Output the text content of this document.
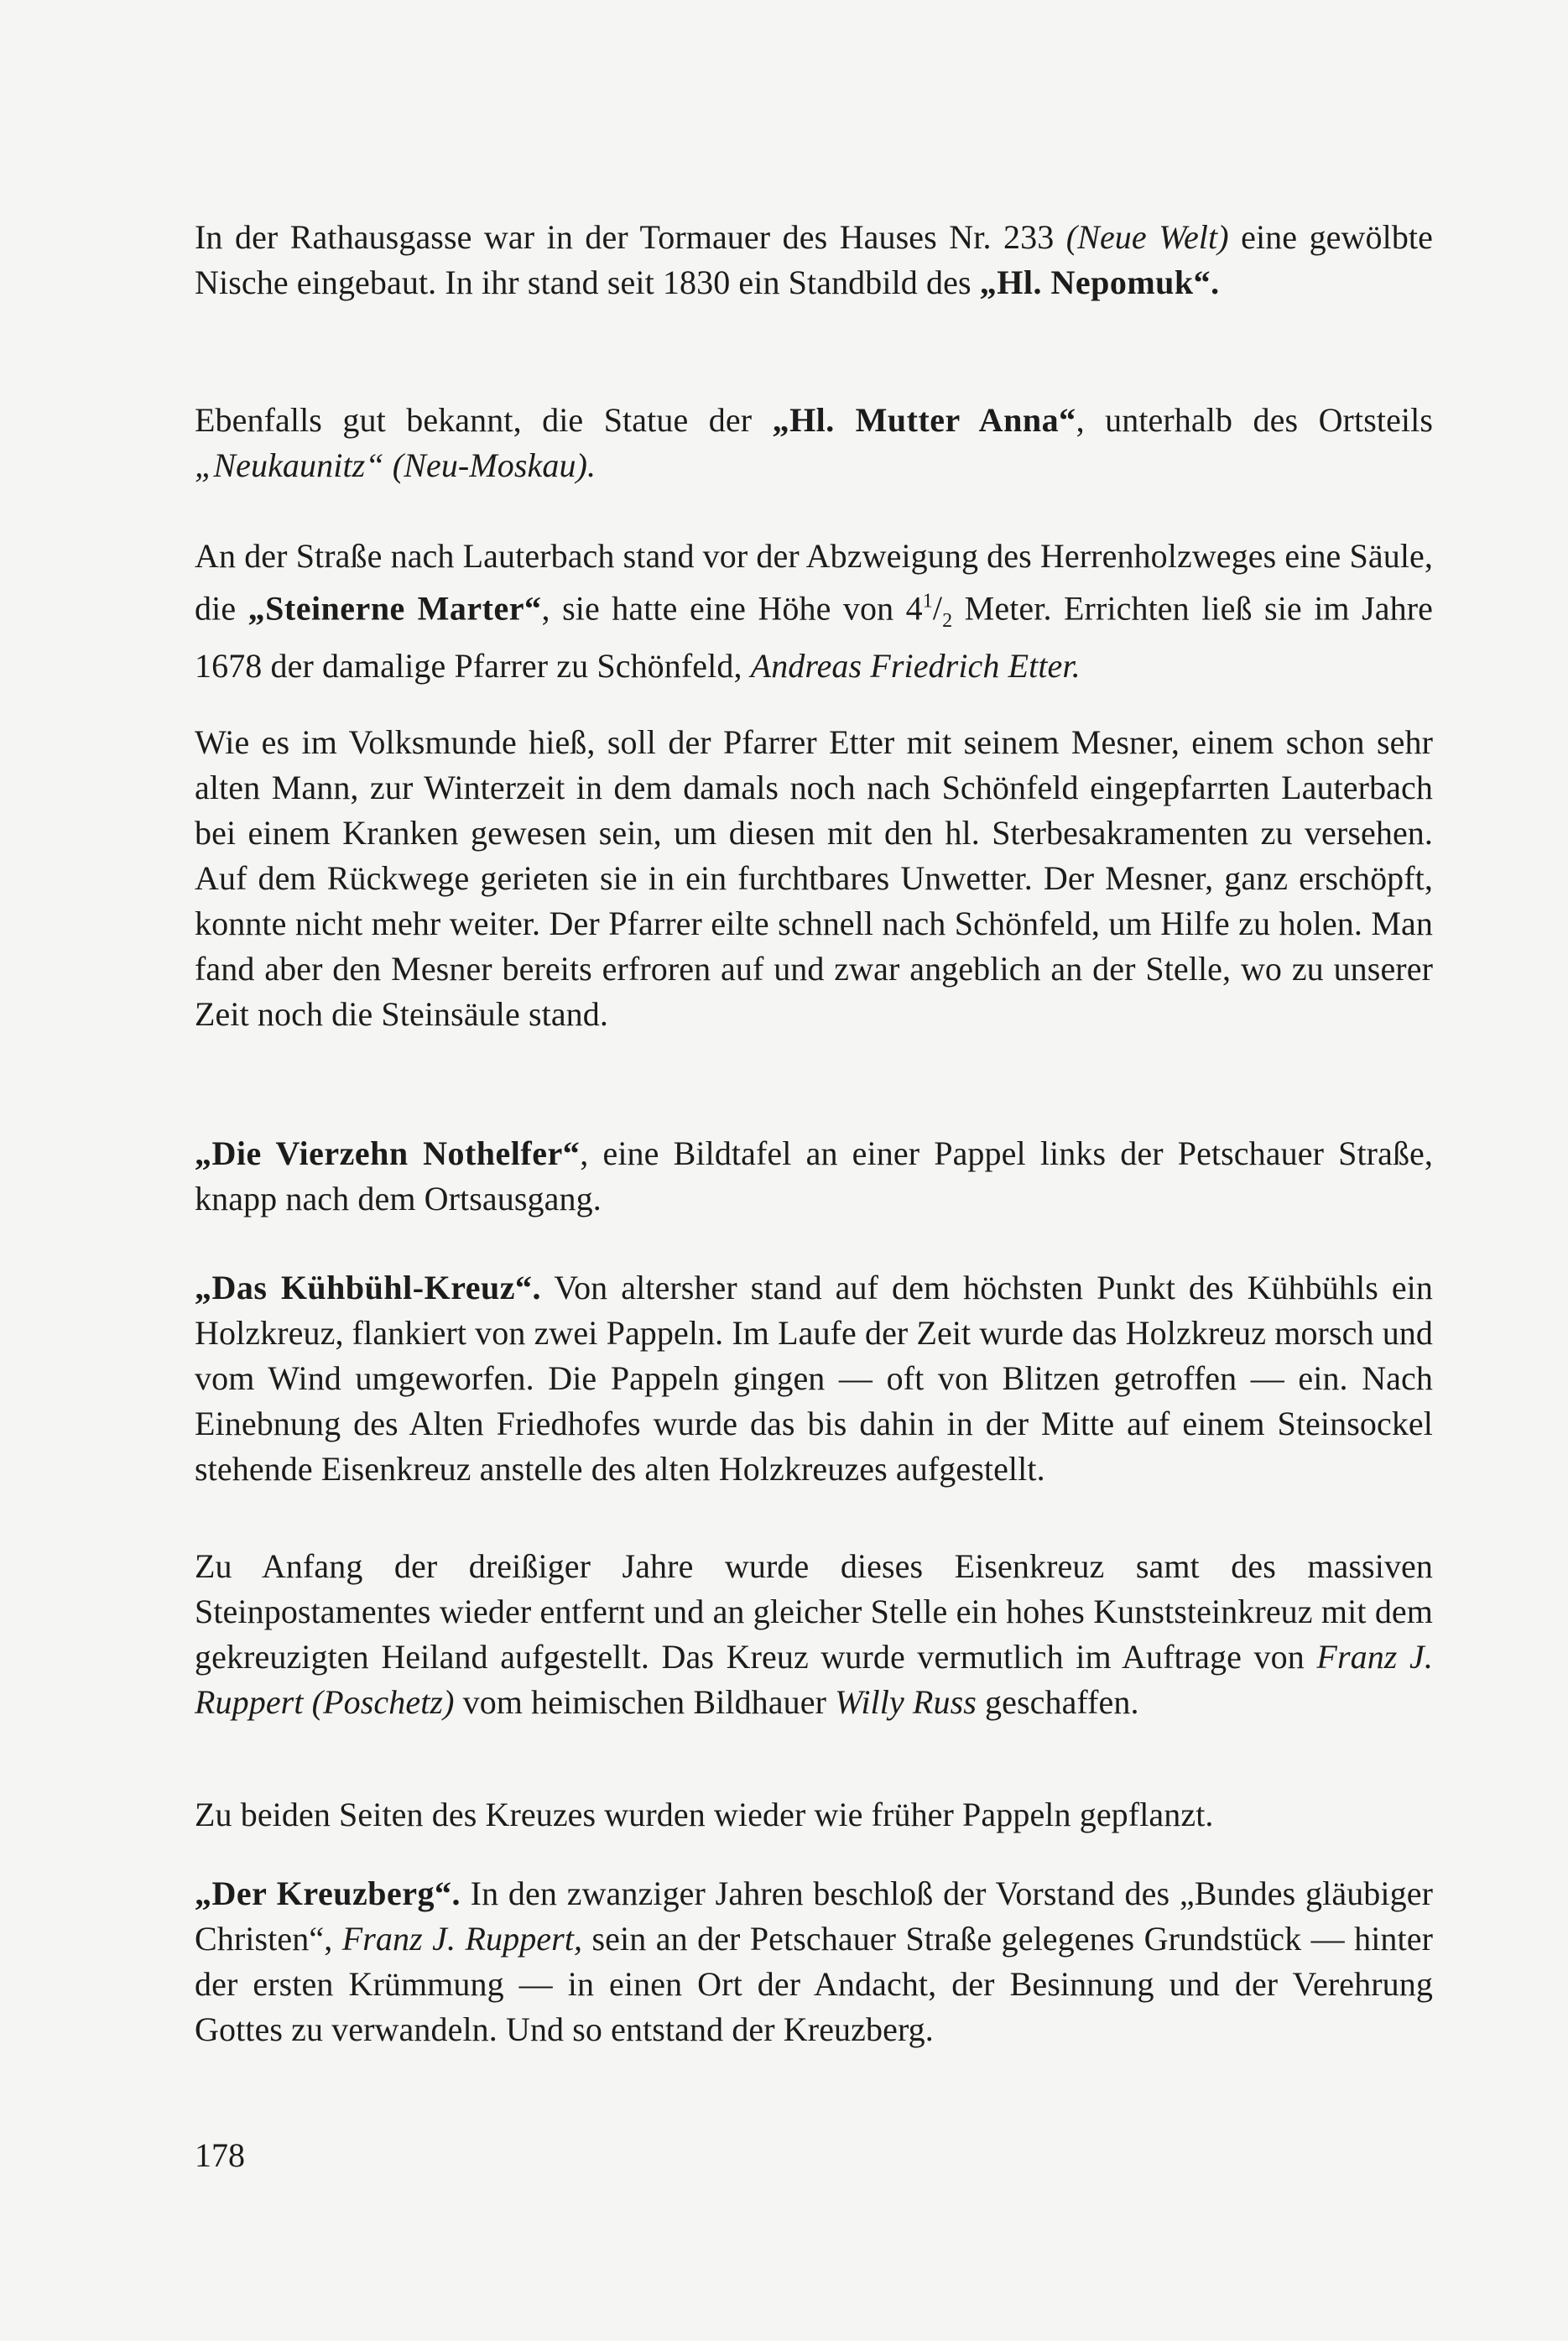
In der Rathausgasse war in der Tormauer des Hauses Nr. 233 (Neue Welt) eine gewölbte Nische eingebaut. In ihr stand seit 1830 ein Standbild des „Hl. Nepomuk“.

Ebenfalls gut bekannt, die Statue der „Hl. Mutter Anna“, unterhalb des Ortsteils „Neukaunitz“ (Neu-Moskau).

An der Straße nach Lauterbach stand vor der Abzweigung des Herrenholzweges eine Säule, die „Steinerne Marter“, sie hatte eine Höhe von $4^1/_2$ Meter. Errichten ließ sie im Jahre 1678 der damalige Pfarrer zu Schönfeld, Andreas Friedrich Etter.

Wie es im Volksmunde hieß, soll der Pfarrer Etter mit seinem Mesner, einem schon sehr alten Mann, zur Winterzeit in dem damals noch nach Schönfeld eingepfarrten Lauterbach bei einem Kranken gewesen sein, um diesen mit den hl. Sterbesakramenten zu versehen. Auf dem Rückwege gerieten sie in ein furchtbares Unwetter. Der Mesner, ganz erschöpft, konnte nicht mehr weiter. Der Pfarrer eilte schnell nach Schönfeld, um Hilfe zu holen. Man fand aber den Mesner bereits erfroren auf und zwar angeblich an der Stelle, wo zu unserer Zeit noch die Steinsäule stand.

„Die Vierzehn Nothelfer“, eine Bildtafel an einer Pappel links der Petschauer Straße, knapp nach dem Ortsausgang.

„Das Kühbühl-Kreuz“. Von altersher stand auf dem höchsten Punkt des Kühbühls ein Holzkreuz, flankiert von zwei Pappeln. Im Laufe der Zeit wurde das Holzkreuz morsch und vom Wind umgeworfen. Die Pappeln gingen — oft von Blitzen getroffen — ein. Nach Einebnung des Alten Friedhofes wurde das bis dahin in der Mitte auf einem Steinsockel stehende Eisenkreuz anstelle des alten Holzkreuzes aufgestellt.

Zu Anfang der dreißiger Jahre wurde dieses Eisenkreuz samt des massiven Steinpostamentes wieder entfernt und an gleicher Stelle ein hohes Kunststeinkreuz mit dem gekreuzigten Heiland aufgestellt. Das Kreuz wurde vermutlich im Auftrage von Franz J. Ruppert (Poschetz) vom heimischen Bildhauer Willy Russ geschaffen.

Zu beiden Seiten des Kreuzes wurden wieder wie früher Pappeln gepflanzt.

„Der Kreuzberg“. In den zwanziger Jahren beschloß der Vorstand des „Bundes gläubiger Christen“, Franz J. Ruppert, sein an der Petschauer Straße gelegenes Grundstück — hinter der ersten Krümmung — in einen Ort der Andacht, der Besinnung und der Verehrung Gottes zu verwandeln. Und so entstand der Kreuzberg.

178
